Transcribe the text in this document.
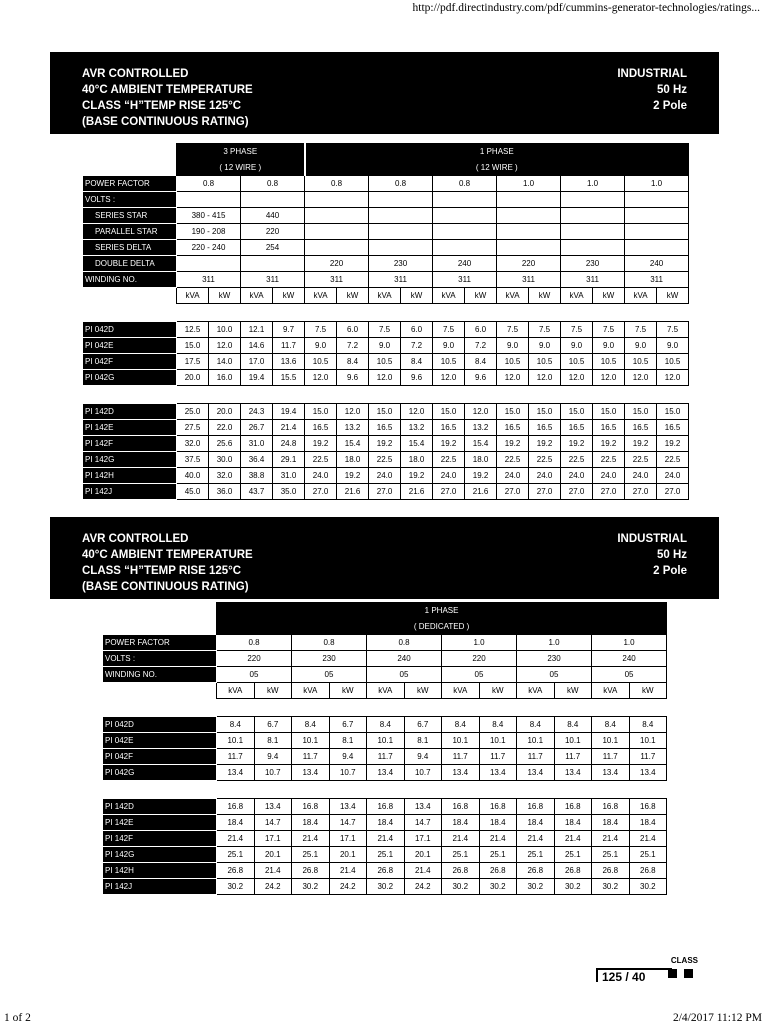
http://pdf.directindustry.com/pdf/cummins-generator-technologies/ratings...
AVR CONTROLLED
40°C AMBIENT TEMPERATURE
CLASS “H”TEMP RISE 125°C
(BASE CONTINUOUS RATING)
INDUSTRIAL
50 Hz
2 Pole
	3 PHASE				1 PHASE											
	( 12 WIRE )				( 12 WIRE )											
POWER FACTOR	0.8		0.8		0.8		0.8		0.8		1.0		1.0		1.0	
VOLTS :																
SERIES STAR	380 - 415		440													
PARALLEL STAR	190 - 208		220													
SERIES DELTA	220 - 240		254													
DOUBLE DELTA					220		230		240		220		230		240	
WINDING NO.	311		311		311		311		311		311		311		311	
	kVA	kW	kVA	kW	kVA	kW	kVA	kW	kVA	kW	kVA	kW	kVA	kW	kVA	kW

PI 042D	12.5	10.0	12.1	9.7	7.5	6.0	7.5	6.0	7.5	6.0	7.5	7.5	7.5	7.5	7.5	7.5
PI 042E	15.0	12.0	14.6	11.7	9.0	7.2	9.0	7.2	9.0	7.2	9.0	9.0	9.0	9.0	9.0	9.0
PI 042F	17.5	14.0	17.0	13.6	10.5	8.4	10.5	8.4	10.5	8.4	10.5	10.5	10.5	10.5	10.5	10.5
PI 042G	20.0	16.0	19.4	15.5	12.0	9.6	12.0	9.6	12.0	9.6	12.0	12.0	12.0	12.0	12.0	12.0

PI 142D	25.0	20.0	24.3	19.4	15.0	12.0	15.0	12.0	15.0	12.0	15.0	15.0	15.0	15.0	15.0	15.0
PI 142E	27.5	22.0	26.7	21.4	16.5	13.2	16.5	13.2	16.5	13.2	16.5	16.5	16.5	16.5	16.5	16.5
PI 142F	32.0	25.6	31.0	24.8	19.2	15.4	19.2	15.4	19.2	15.4	19.2	19.2	19.2	19.2	19.2	19.2
PI 142G	37.5	30.0	36.4	29.1	22.5	18.0	22.5	18.0	22.5	18.0	22.5	22.5	22.5	22.5	22.5	22.5
PI 142H	40.0	32.0	38.8	31.0	24.0	19.2	24.0	19.2	24.0	19.2	24.0	24.0	24.0	24.0	24.0	24.0
PI 142J	45.0	36.0	43.7	35.0	27.0	21.6	27.0	21.6	27.0	21.6	27.0	27.0	27.0	27.0	27.0	27.0
AVR CONTROLLED
40°C AMBIENT TEMPERATURE
CLASS “H”TEMP RISE 125°C
(BASE CONTINUOUS RATING)
INDUSTRIAL
50 Hz
2 Pole
	1 PHASE											
	( DEDICATED )											
POWER FACTOR	0.8		0.8		0.8		1.0		1.0		1.0	
VOLTS :	220		230		240		220		230		240	
WINDING NO.	05		05		05		05		05		05	
	kVA	kW	kVA	kW	kVA	kW	kVA	kW	kVA	kW	kVA	kW

PI 042D	8.4	6.7	8.4	6.7	8.4	6.7	8.4	8.4	8.4	8.4	8.4	8.4
PI 042E	10.1	8.1	10.1	8.1	10.1	8.1	10.1	10.1	10.1	10.1	10.1	10.1
PI 042F	11.7	9.4	11.7	9.4	11.7	9.4	11.7	11.7	11.7	11.7	11.7	11.7
PI 042G	13.4	10.7	13.4	10.7	13.4	10.7	13.4	13.4	13.4	13.4	13.4	13.4

PI 142D	16.8	13.4	16.8	13.4	16.8	13.4	16.8	16.8	16.8	16.8	16.8	16.8
PI 142E	18.4	14.7	18.4	14.7	18.4	14.7	18.4	18.4	18.4	18.4	18.4	18.4
PI 142F	21.4	17.1	21.4	17.1	21.4	17.1	21.4	21.4	21.4	21.4	21.4	21.4
PI 142G	25.1	20.1	25.1	20.1	25.1	20.1	25.1	25.1	25.1	25.1	25.1	25.1
PI 142H	26.8	21.4	26.8	21.4	26.8	21.4	26.8	26.8	26.8	26.8	26.8	26.8
PI 142J	30.2	24.2	30.2	24.2	30.2	24.2	30.2	30.2	30.2	30.2	30.2	30.2
CLASS
125 / 40
1 of 2	2/4/2017 11:12 PM
